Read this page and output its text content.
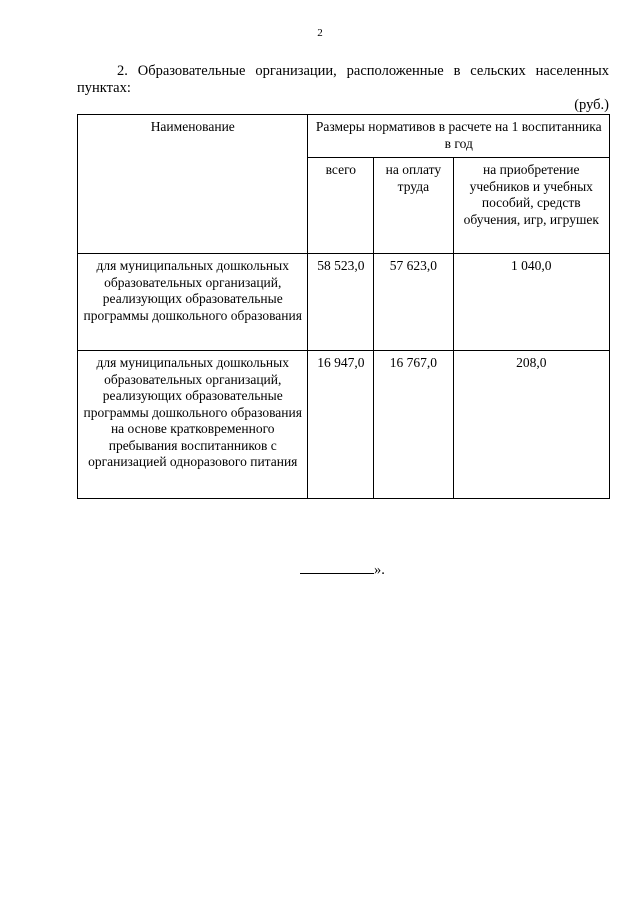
2

2. Образовательные организации, расположенные в сельских населенных пунктах:

(руб.)
Наименование	Размеры нормативов в расчете на 1 воспитанника в год		
	всего	на оплату труда	на приобретение учебников и учебных пособий, средств обучения, игр, игрушек
для муниципальных дошкольных образовательных организаций, реализующих образовательные программы дошкольного образования	58 523,0	57 623,0	1 040,0
для муниципальных дошкольных образовательных организаций, реализующих образовательные программы дошкольного образования на основе кратковременного пребывания воспитанников с организацией одноразового питания	16 947,0	16 767,0	208,0
».
